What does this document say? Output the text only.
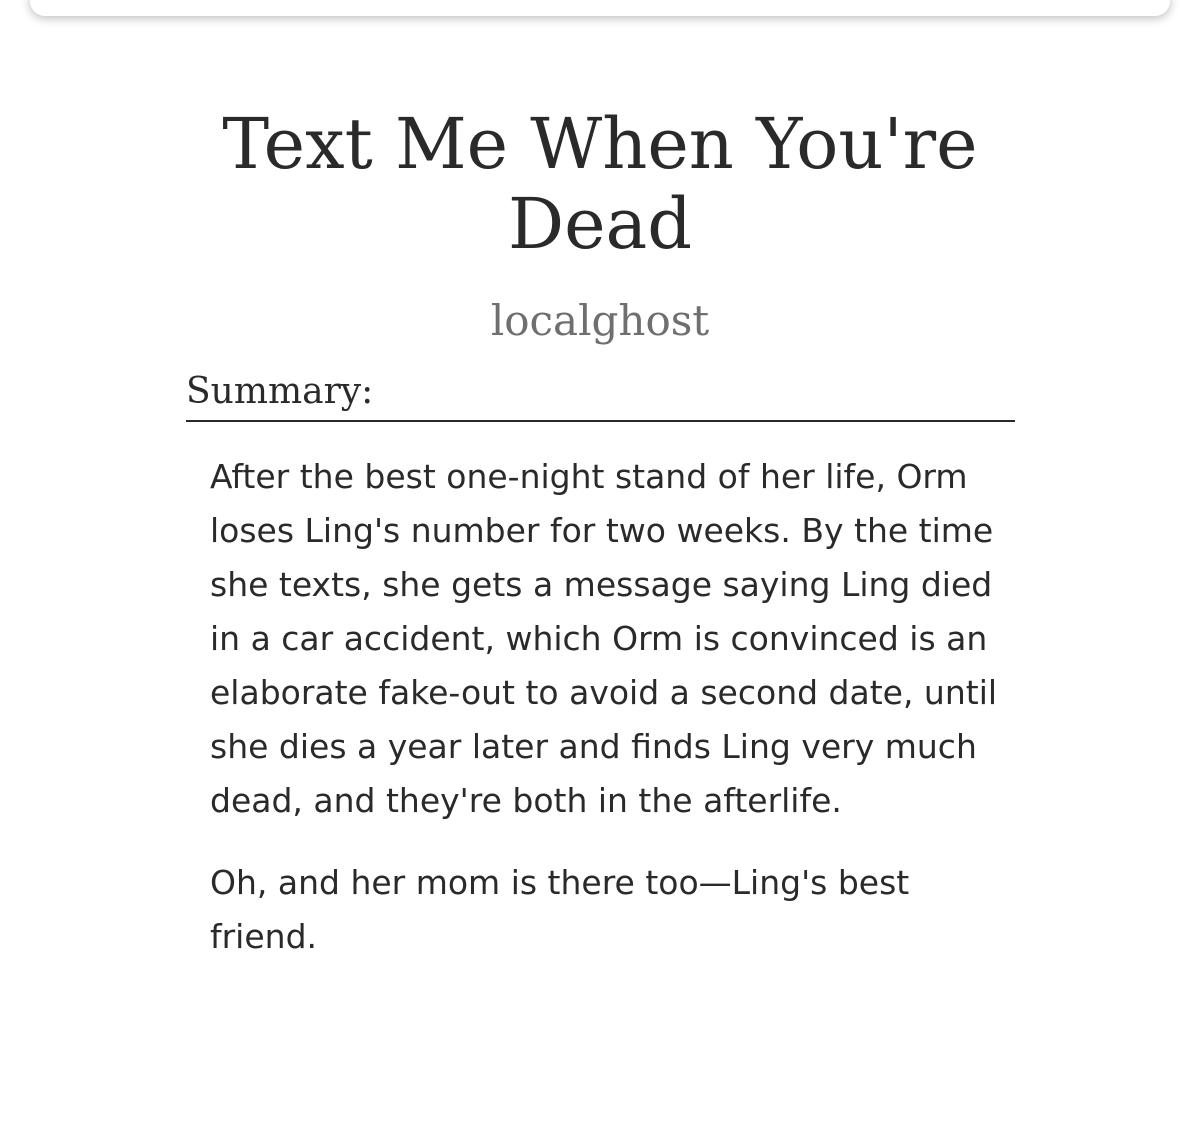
Text Me When You're Dead
localghost
Summary:

After the best one-night stand of her life, Orm loses Ling's number for two weeks. By the time she texts, she gets a message saying Ling died in a car accident, which Orm is convinced is an elaborate fake-out to avoid a second date, until she dies a year later and finds Ling very much dead, and they're both in the afterlife.

Oh, and her mom is there too—Ling's best friend.
